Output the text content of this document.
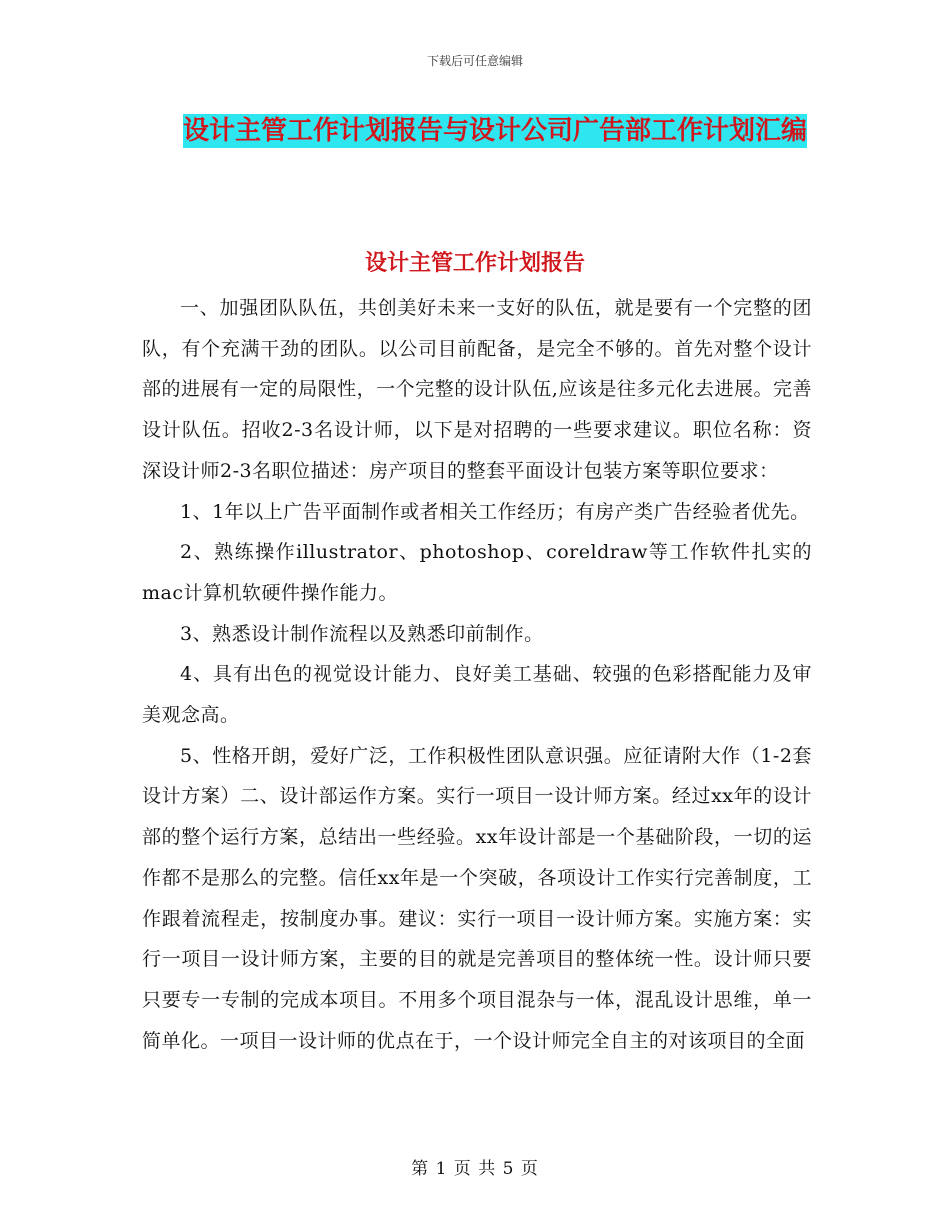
下载后可任意编辑
设计主管工作计划报告与设计公司广告部工作计划汇编
设计主管工作计划报告

一、加强团队队伍，共创美好未来一支好的队伍，就是要有一个完整的团队，有个充满干劲的团队。以公司目前配备，是完全不够的。首先对整个设计部的进展有一定的局限性，一个完整的设计队伍,应该是往多元化去进展。完善设计队伍。招收2-3名设计师，以下是对招聘的一些要求建议。职位名称：资深设计师2-3名职位描述：房产项目的整套平面设计包装方案等职位要求：

1、1年以上广告平面制作或者相关工作经历；有房产类广告经验者优先。

2、熟练操作illustrator、photoshop、coreldraw等工作软件扎实的mac计算机软硬件操作能力。

3、熟悉设计制作流程以及熟悉印前制作。

4、具有出色的视觉设计能力、良好美工基础、较强的色彩搭配能力及审美观念高。

5、性格开朗，爱好广泛，工作积极性团队意识强。应征请附大作（1-2套设计方案）二、设计部运作方案。实行一项目一设计师方案。经过xx年的设计部的整个运行方案，总结出一些经验。xx年设计部是一个基础阶段，一切的运作都不是那么的完整。信任xx年是一个突破，各项设计工作实行完善制度，工作跟着流程走，按制度办事。建议：实行一项目一设计师方案。实施方案：实行一项目一设计师方案，主要的目的就是完善项目的整体统一性。设计师只要只要专一专制的完成本项目。不用多个项目混杂与一体，混乱设计思维，单一简单化。一项目一设计师的优点在于，一个设计师完全自主的对该项目的全面

第 1 页 共 5 页
